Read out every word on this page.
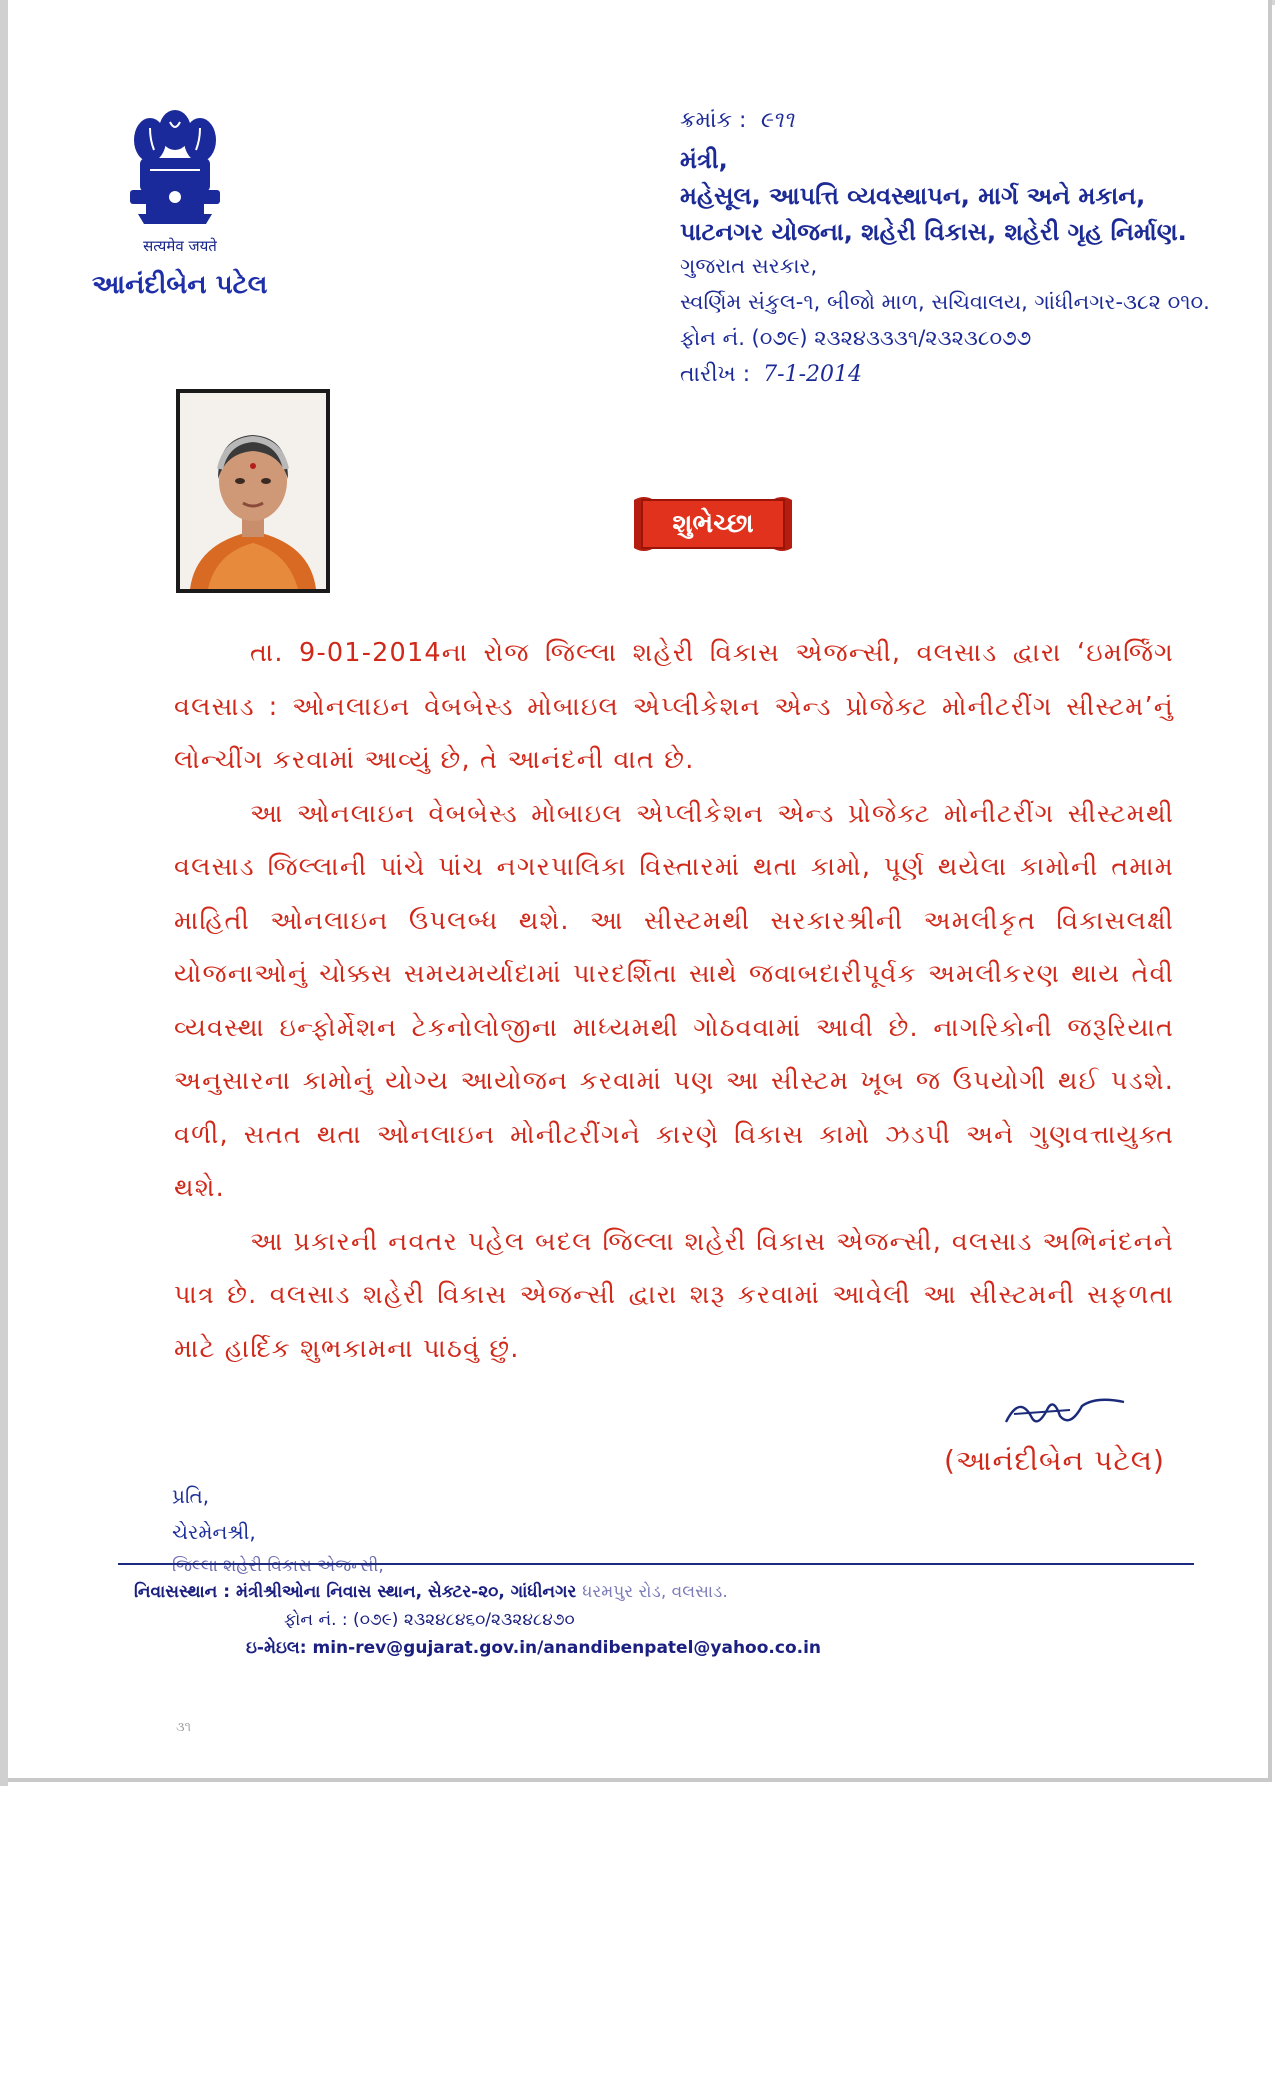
सत्यमेव जयते
આનંદીબેન પટેલ
ક્રમાંક : ૯૧૧
મંત્રી,
મહેસૂલ, આપત્તિ વ્યવસ્થાપન, માર્ગ અને મકાન,
પાટનગર યોજના, શહેરી વિકાસ, શહેરી ગૃહ નિર્માણ.
ગુજરાત સરકાર,
સ્વર્ણિમ સંકુલ-૧, બીજો માળ, સચિવાલય, ગાંધીનગર-૩૮૨ ૦૧૦.
ફોન નં. (૦૭૯) ૨૩૨૪૩૩૩૧/૨૩૨૩૮૦૭૭
તારીખ : 7-1-2014
શુભેચ્છા

તા. 9-01-2014ના રોજ જિલ્લા શહેરી વિકાસ એજન્સી, વલસાડ દ્વારા ‘ઇમર્જિંગ વલસાડ : ઓનલાઇન વેબબેસ્ડ મોબાઇલ એપ્લીકેશન એન્ડ પ્રોજેક્ટ મોનીટરીંગ સીસ્ટમ’નું લોન્ચીંગ કરવામાં આવ્યું છે, તે આનંદની વાત છે.

આ ઓનલાઇન વેબબેસ્ડ મોબાઇલ એપ્લીકેશન એન્ડ પ્રોજેક્ટ મોનીટરીંગ સીસ્ટમથી વલસાડ જિલ્લાની પાંચે પાંચ નગરપાલિકા વિસ્તારમાં થતા કામો, પૂર્ણ થયેલા કામોની તમામ માહિતી ઓનલાઇન ઉપલબ્ધ થશે. આ સીસ્ટમથી સરકારશ્રીની અમલીકૃત વિકાસલક્ષી યોજનાઓનું ચોક્કસ સમયમર્યાદામાં પારદર્શિતા સાથે જવાબદારીપૂર્વક અમલીકરણ થાય તેવી વ્યવસ્થા ઇન્ફોર્મેશન ટેકનોલોજીના માધ્યમથી ગોઠવવામાં આવી છે. નાગરિકોની જરૂરિયાત અનુસારના કામોનું યોગ્ય આયોજન કરવામાં પણ આ સીસ્ટમ ખૂબ જ ઉપયોગી થઈ પડશે. વળી, સતત થતા ઓનલાઇન મોનીટરીંગને કારણે વિકાસ કામો ઝડપી અને ગુણવત્તાયુક્ત થશે.

આ પ્રકારની નવતર પહેલ બદલ જિલ્લા શહેરી વિકાસ એજન્સી, વલસાડ અભિનંદનને પાત્ર છે. વલસાડ શહેરી વિકાસ એજન્સી દ્વારા શરૂ કરવામાં આવેલી આ સીસ્ટમની સફળતા માટે હાર્દિક શુભકામના પાઠવું છું.

(આનંદીબેન પટેલ)
પ્રતિ,
ચેરમેનશ્રી,
જિલ્લા શહેરી વિકાસ એજન્સી,
નિવાસસ્થાન : મંત્રીશ્રીઓના નિવાસ સ્થાન, સેક્ટર-૨૦, ગાંધીનગર ધરમપુર રોડ, વલસાડ.
ફોન નં. : (૦૭૯) ૨૩૨૪૮૪૬૦/૨૩૨૪૮૪૭૦
ઇ-મેઇલ: min-rev@gujarat.gov.in/anandibenpatel@yahoo.co.in
૩૧
